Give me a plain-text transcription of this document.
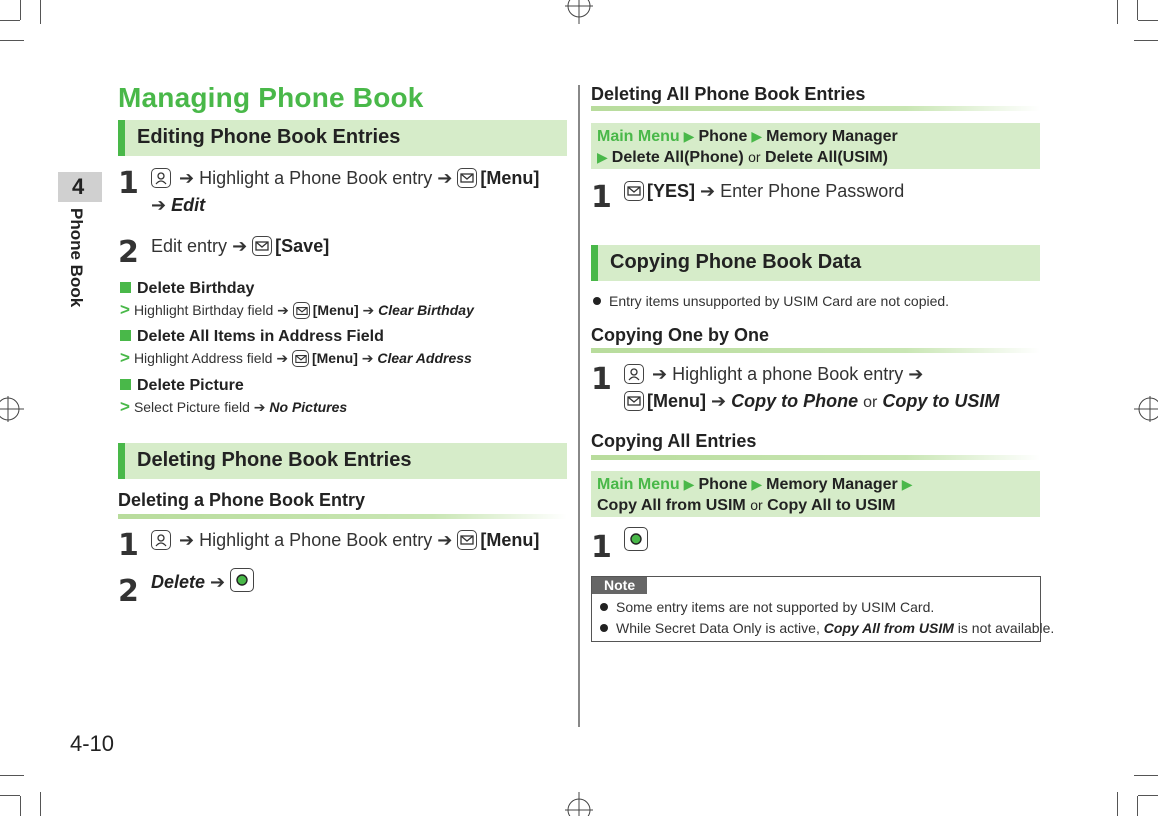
4
Phone Book
4-10
Managing Phone Book
Editing Phone Book Entries
1	➔ Highlight a Phone Book entry ➔ [Menu]
➔ Edit
2 Edit entry ➔ [Save]
Delete Birthday
> Highlight Birthday field ➔ [Menu] ➔ Clear Birthday
Delete All Items in Address Field
> Highlight Address field ➔ [Menu] ➔ Clear Address
Delete Picture
> Select Picture field ➔ No Pictures
Deleting Phone Book Entries
Deleting a Phone Book Entry
1	➔ Highlight a Phone Book entry ➔ [Menu]
2 Delete ➔
Deleting All Phone Book Entries
Main Menu ▶ Phone ▶ Memory Manager
▶ Delete All(Phone) or Delete All(USIM)
1	[YES] ➔ Enter Phone Password
Copying Phone Book Data
Entry items unsupported by USIM Card are not copied.
Copying One by One
1	➔ Highlight a phone Book entry ➔
[Menu] ➔ Copy to Phone or Copy to USIM
Copying All Entries
Main Menu ▶ Phone ▶ Memory Manager ▶
Copy All from USIM or Copy All to USIM
1
Note
Some entry items are not supported by USIM Card.
While Secret Data Only is active, Copy All from USIM is not available.
